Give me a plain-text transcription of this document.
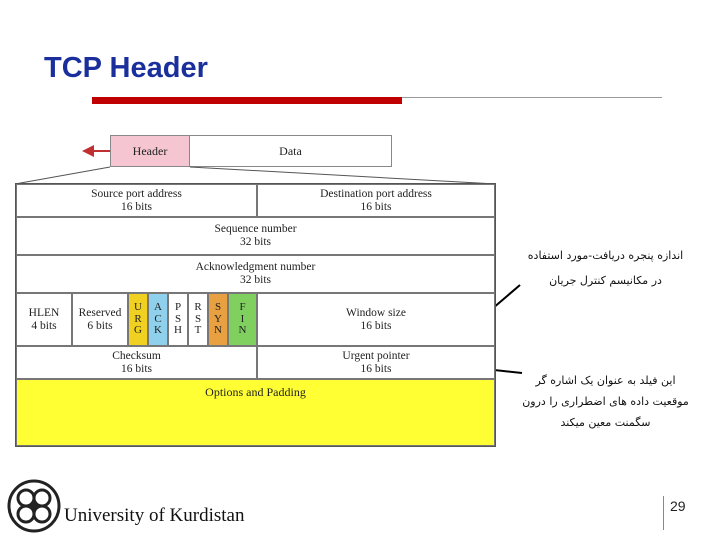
TCP Header
Header	Data
Source port address
16 bits
Destination port address
16 bits
Sequence number
32 bits
Acknowledgment number
32 bits
HLEN
4 bits
Reserved
6 bits
U
R
G
A
C
K
P
S
H
R
S
T
S
Y
N
F
I
N
Window size
16 bits
Checksum
16 bits
Urgent pointer
16 bits
Options and Padding
اندازه پنجره دریافت-مورد استفاده
در مکانیسم کنترل جریان
این فیلد به عنوان یک اشاره گر
موقعیت داده های اضطراری را درون
سگمنت معین میکند
University of Kurdistan	29
